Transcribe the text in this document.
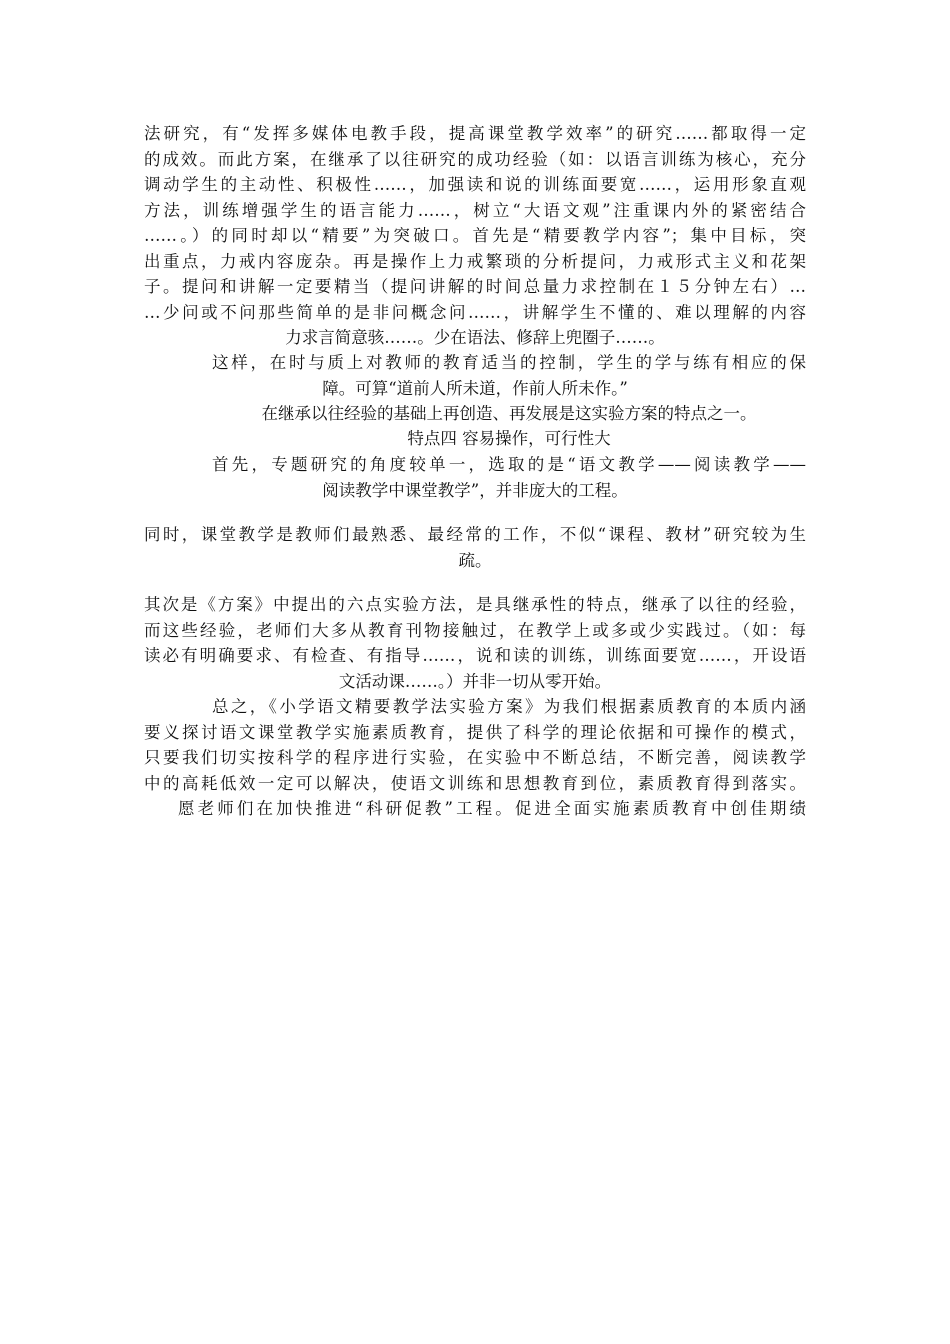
法研究，有“发挥多媒体电教手段，提高课堂教学效率”的研究……都取得一定
的成效。而此方案，在继承了以往研究的成功经验（如：以语言训练为核心，充分
调动学生的主动性、积极性……，加强读和说的训练面要宽……，运用形象直观
方法，训练增强学生的语言能力……，树立“大语文观”注重课内外的紧密结合
……。）的同时却以“精要”为突破口。首先是“精要教学内容”；集中目标，突
出重点，力戒内容庞杂。再是操作上力戒繁琐的分析提问，力戒形式主义和花架
子。提问和讲解一定要精当（提问讲解的时间总量力求控制在１５分钟左右）…
…少问或不问那些简单的是非问概念问……，讲解学生不懂的、难以理解的内容
力求言简意骇……。少在语法、修辞上兜圈子……。
这样，在时与质上对教师的教育适当的控制，学生的学与练有相应的保
障。可算“道前人所未道，作前人所未作。”
在继承以往经验的基础上再创造、再发展是这实验方案的特点之一。
特点四 容易操作，可行性大
首先，专题研究的角度较单一，选取的是“语文教学——阅读教学——
阅读教学中课堂教学”，并非庞大的工程。
同时，课堂教学是教师们最熟悉、最经常的工作，不似“课程、教材”研究较为生
疏。
其次是《方案》中提出的六点实验方法，是具继承性的特点，继承了以往的经验，
而这些经验，老师们大多从教育刊物接触过，在教学上或多或少实践过。（如：每
读必有明确要求、有检查、有指导……，说和读的训练，训练面要宽……，开设语
文活动课……。）并非一切从零开始。
总之，《小学语文精要教学法实验方案》为我们根据素质教育的本质内涵
要义探讨语文课堂教学实施素质教育，提供了科学的理论依据和可操作的模式，
只要我们切实按科学的程序进行实验，在实验中不断总结，不断完善，阅读教学
中的高耗低效一定可以解决，使语文训练和思想教育到位，素质教育得到落实。
愿老师们在加快推进“科研促教”工程。促进全面实施素质教育中创佳期绩
